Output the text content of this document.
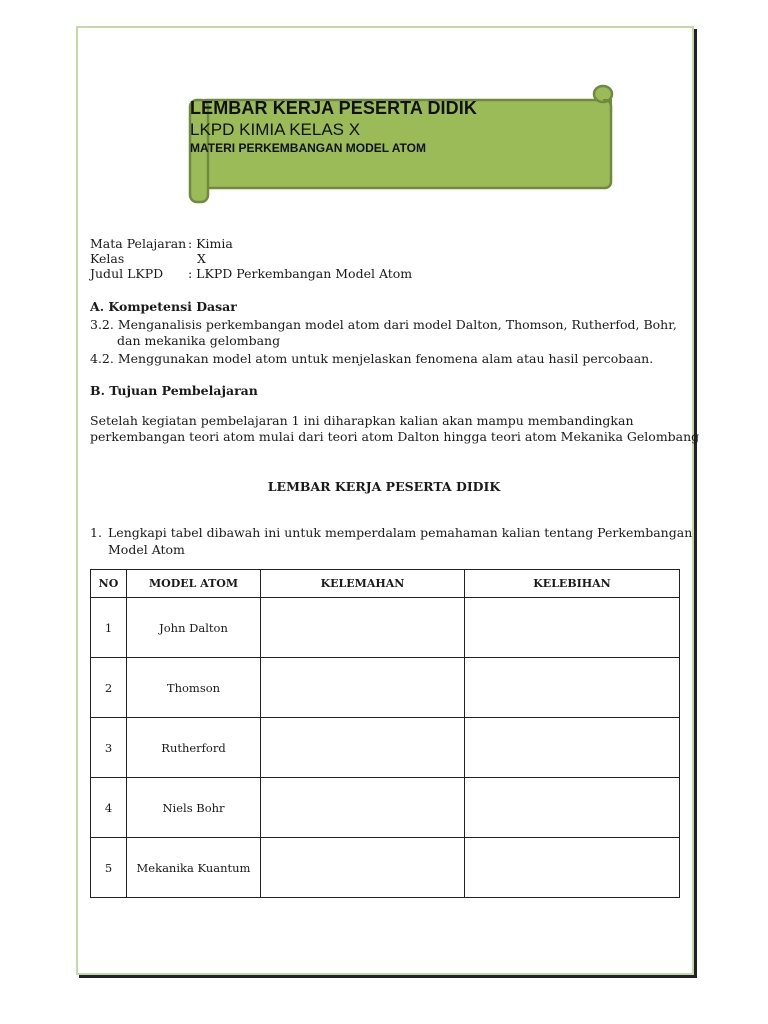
LEMBAR KERJA PESERTA DIDIK
LKPD KIMIA KELAS X
MATERI PERKEMBANGAN MODEL ATOM
Mata Pelajaran : Kimia
Kelas	X
Judul LKPD : LKPD Perkembangan Model Atom
A. Kompetensi Dasar
3.2. Menganalisis perkembangan model atom dari model Dalton, Thomson, Rutherfod, Bohr,
dan mekanika gelombang
4.2. Menggunakan model atom untuk menjelaskan fenomena alam atau hasil percobaan.
B. Tujuan Pembelajaran
Setelah kegiatan pembelajaran 1 ini diharapkan kalian akan mampu membandingkan
perkembangan teori atom mulai dari teori atom Dalton hingga teori atom Mekanika Gelombang
LEMBAR KERJA PESERTA DIDIK
1. Lengkapi tabel dibawah ini untuk memperdalam pemahaman kalian tentang Perkembangan
Model Atom
NO	MODEL ATOM	KELEMAHAN	KELEBIHAN
1	John Dalton		
2	Thomson		
3	Rutherford		
4	Niels Bohr		
5	Mekanika Kuantum		
